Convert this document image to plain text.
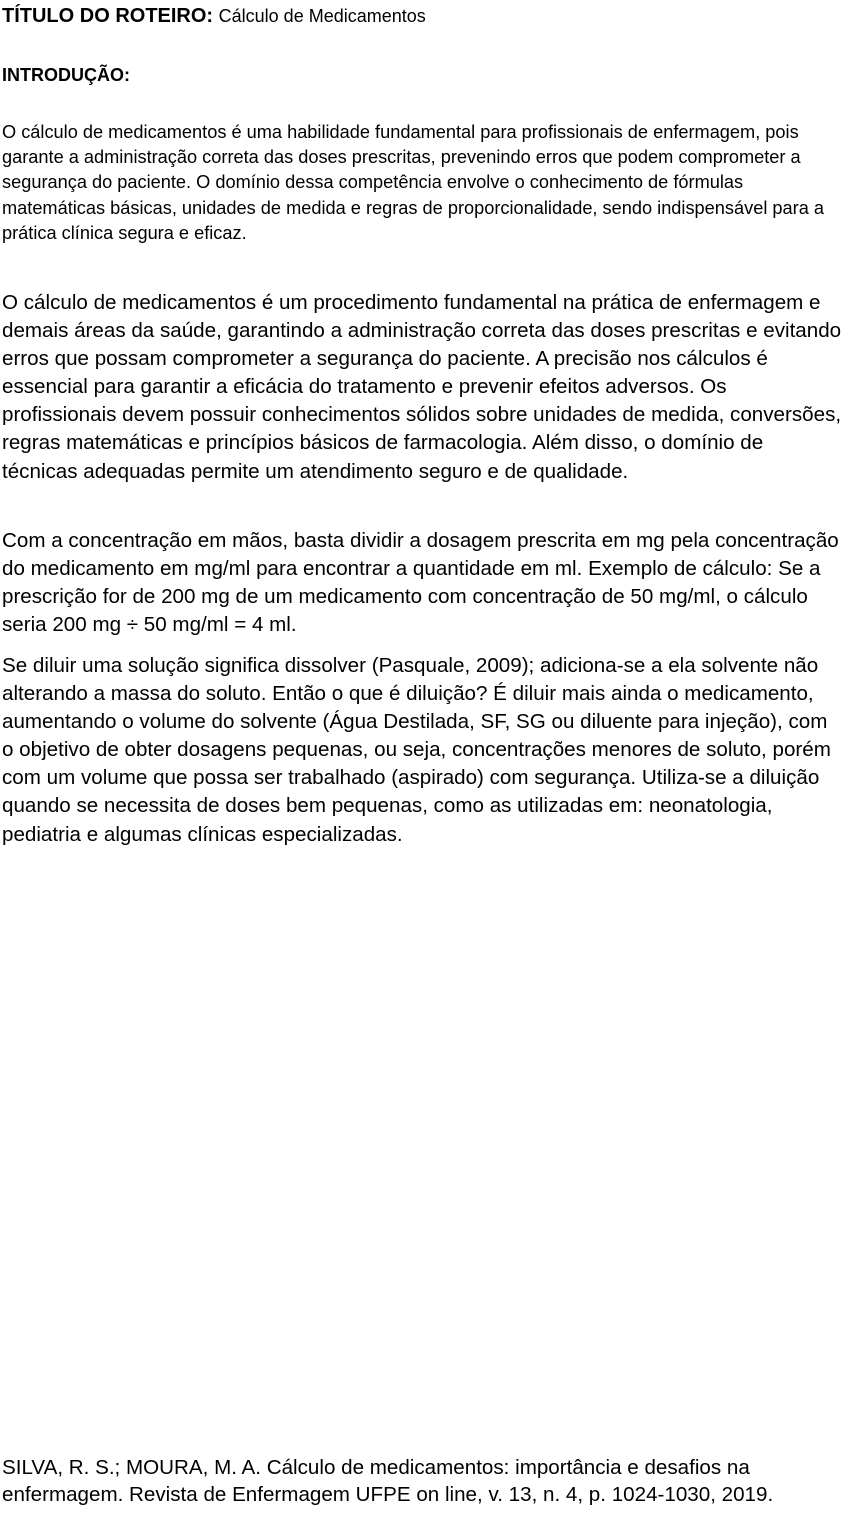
TÍTULO DO ROTEIRO: Cálculo de Medicamentos
INTRODUÇÃO:

O cálculo de medicamentos é uma habilidade fundamental para profissionais de enfermagem, pois garante a administração correta das doses prescritas, prevenindo erros que podem comprometer a segurança do paciente. O domínio dessa competência envolve o conhecimento de fórmulas matemáticas básicas, unidades de medida e regras de proporcionalidade, sendo indispensável para a prática clínica segura e eficaz.

O cálculo de medicamentos é um procedimento fundamental na prática de enfermagem e demais áreas da saúde, garantindo a administração correta das doses prescritas e evitando erros que possam comprometer a segurança do paciente. A precisão nos cálculos é essencial para garantir a eficácia do tratamento e prevenir efeitos adversos. Os profissionais devem possuir conhecimentos sólidos sobre unidades de medida, conversões, regras matemáticas e princípios básicos de farmacologia. Além disso, o domínio de técnicas adequadas permite um atendimento seguro e de qualidade.

Com a concentração em mãos, basta dividir a dosagem prescrita em mg pela concentração do medicamento em mg/ml para encontrar a quantidade em ml. Exemplo de cálculo: Se a prescrição for de 200 mg de um medicamento com concentração de 50 mg/ml, o cálculo seria 200 mg ÷ 50 mg/ml = 4 ml.

Se diluir uma solução significa dissolver (Pasquale, 2009); adiciona-se a ela solvente não alterando a massa do soluto. Então o que é diluição? É diluir mais ainda o medicamento, aumentando o volume do solvente (Água Destilada, SF, SG ou diluente para injeção), com o objetivo de obter dosagens pequenas, ou seja, concentrações menores de soluto, porém com um volume que possa ser trabalhado (aspirado) com segurança. Utiliza-se a diluição quando se necessita de doses bem pequenas, como as utilizadas em: neonatologia, pediatria e algumas clínicas especializadas.

SILVA, R. S.; MOURA, M. A. Cálculo de medicamentos: importância e desafios na enfermagem. Revista de Enfermagem UFPE on line, v. 13, n. 4, p. 1024-1030, 2019.
